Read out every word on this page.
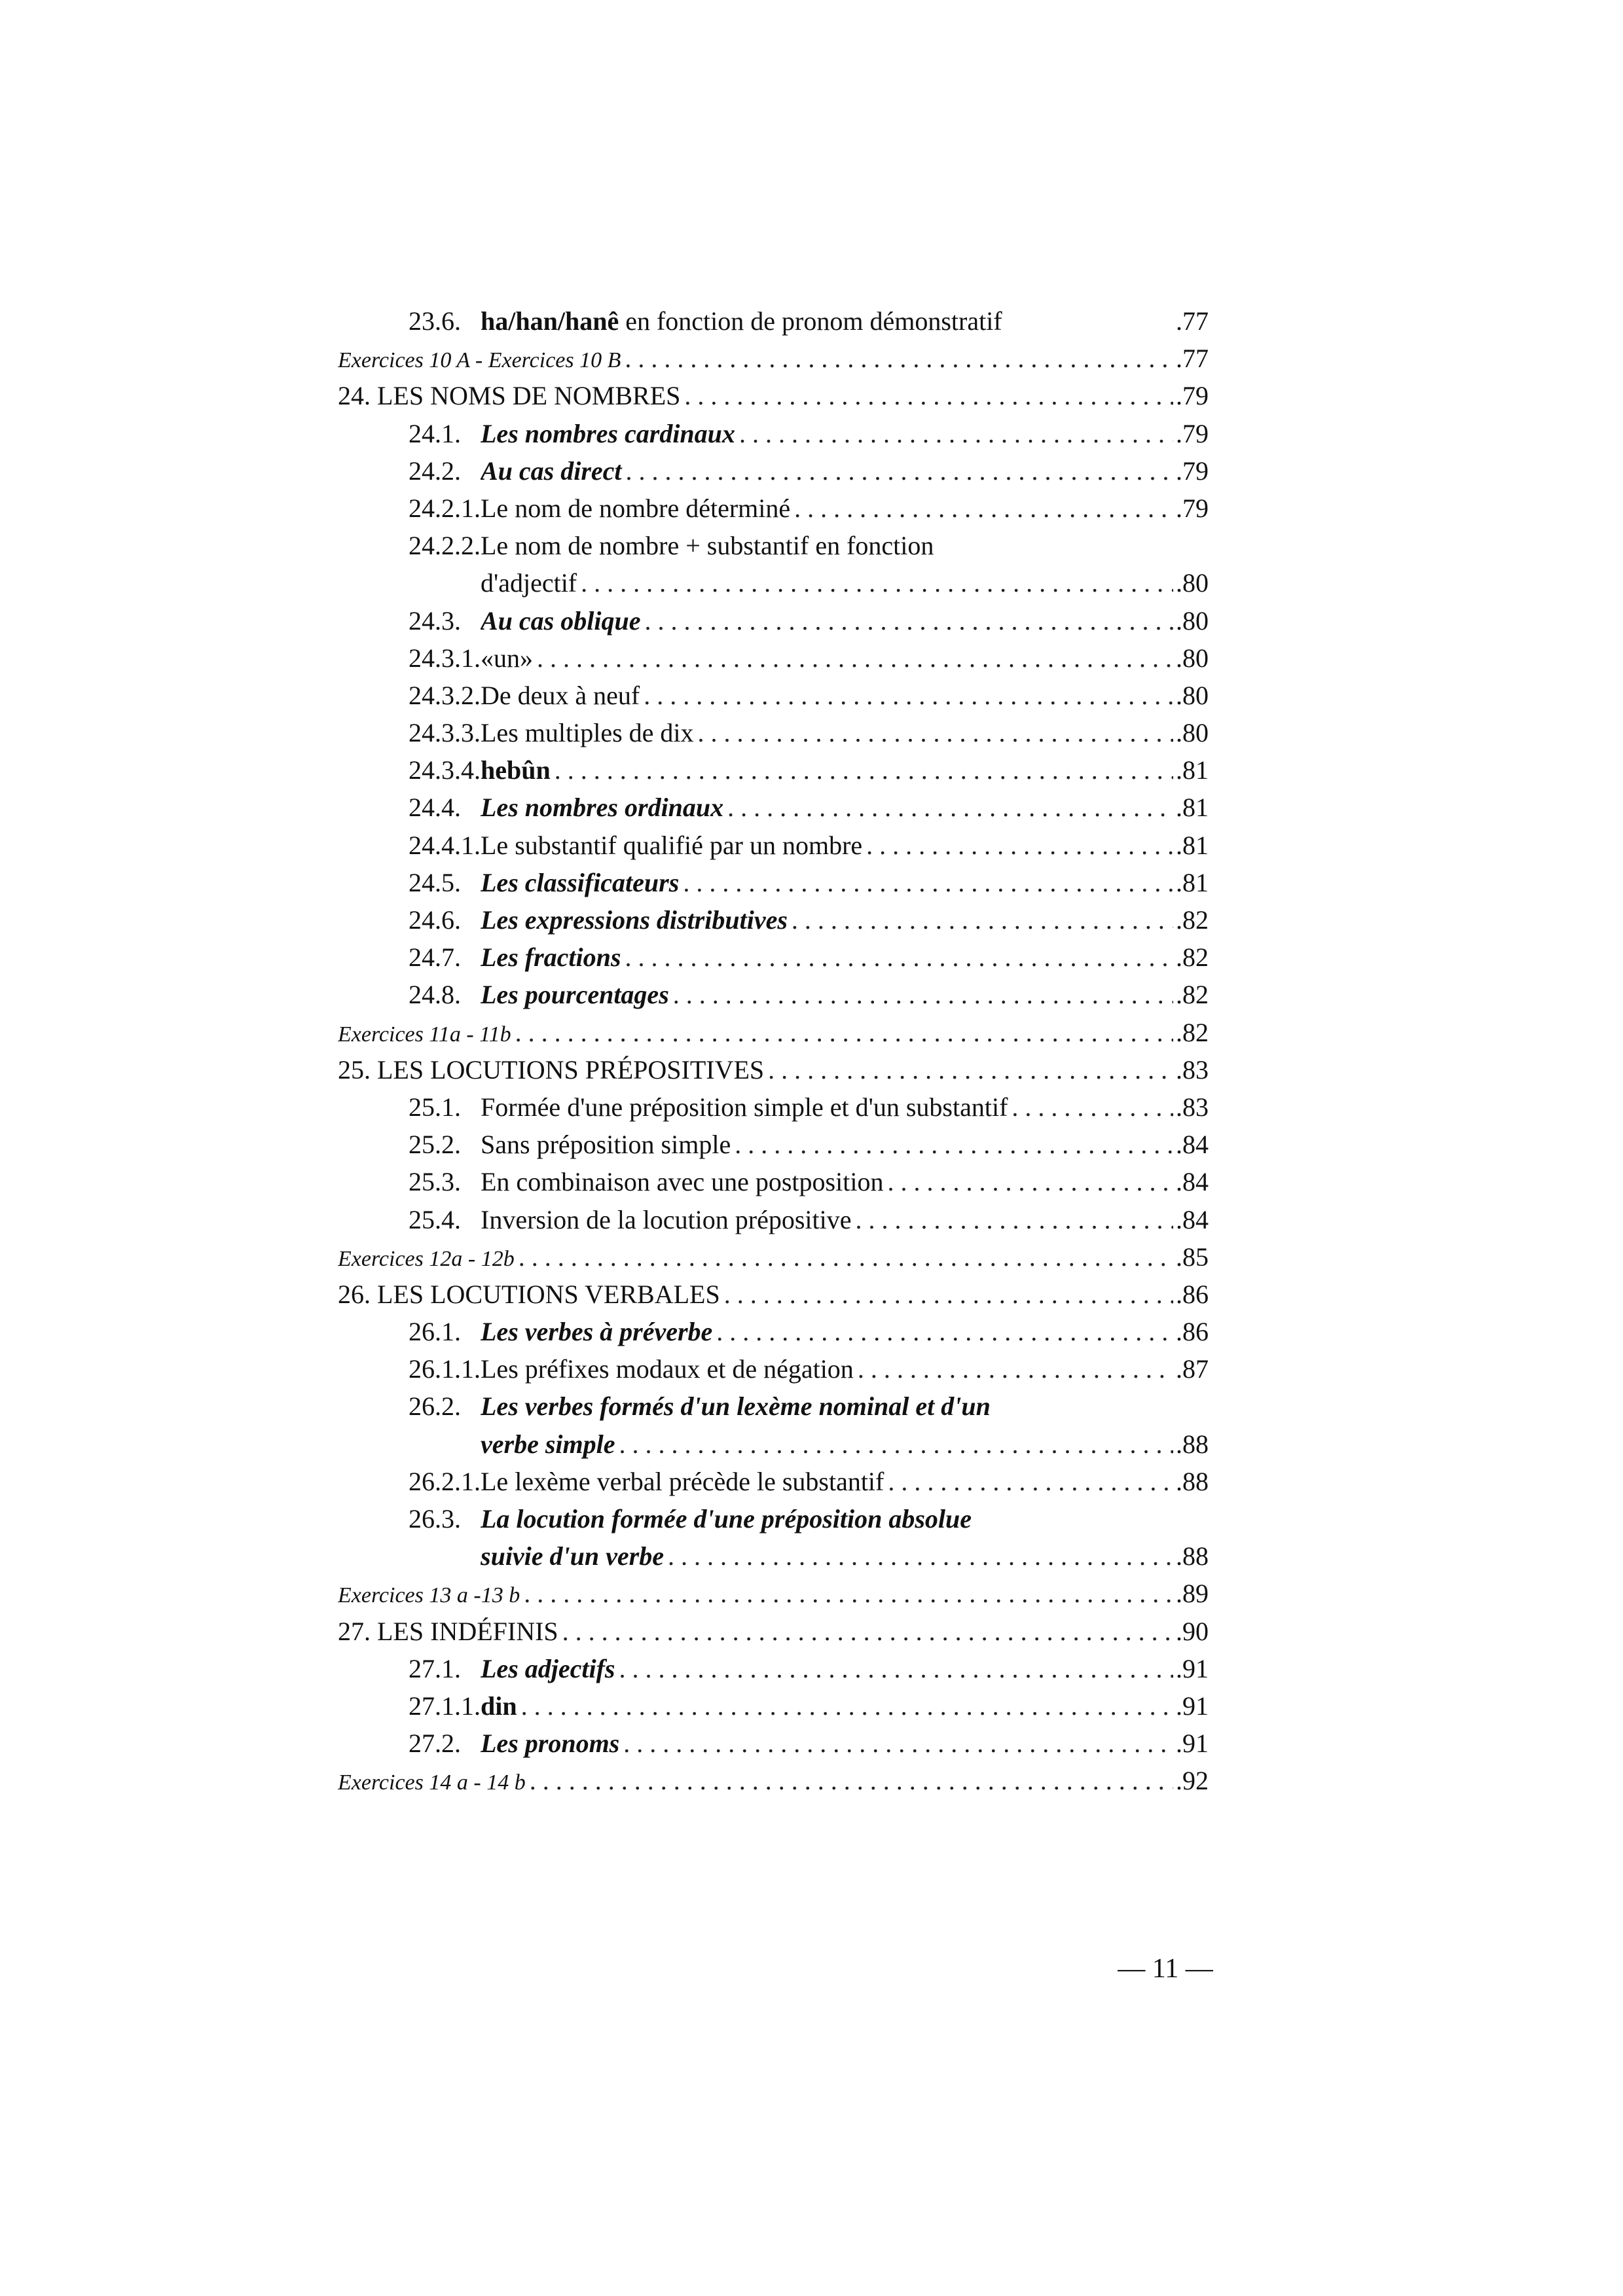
23.6. ha/han/hanê en fonction de pronom démonstratif	.77
Exercices 10 A - Exercices 10 B . . .	.77
24. LES NOMS DE NOMBRES . . .	.79
24.1. Les nombres cardinaux . . .	.79
24.2. Au cas direct . . .	.79
24.2.1. Le nom de nombre déterminé . . .	.79
24.2.2. Le nom de nombre + substantif en fonction
d'adjectif . . .	.80
24.3. Au cas oblique . . .	.80
24.3.1. «un» . . .	.80
24.3.2. De deux à neuf . . .	.80
24.3.3. Les multiples de dix . . .	.80
24.3.4. hebûn . . .	.81
24.4. Les nombres ordinaux . . .	.81
24.4.1. Le substantif qualifié par un nombre . . .	.81
24.5. Les classificateurs . . .	.81
24.6. Les expressions distributives . . .	.82
24.7. Les fractions . . .	.82
24.8. Les pourcentages . . .	.82
Exercices 11a - 11b . . .	.82
25. LES LOCUTIONS PRÉPOSITIVES . . .	.83
25.1. Formée d'une préposition simple et d'un substantif . . .	.83
25.2. Sans préposition simple . . .	.84
25.3. En combinaison avec une postposition . . .	.84
25.4. Inversion de la locution prépositive . . .	.84
Exercices 12a - 12b . . .	.85
26. LES LOCUTIONS VERBALES . . .	.86
26.1. Les verbes à préverbe . . .	.86
26.1.1. Les préfixes modaux et de négation . . .	.87
26.2. Les verbes formés d'un lexème nominal et d'un
verbe simple . . .	.88
26.2.1. Le lexème verbal précède le substantif . . .	.88
26.3. La locution formée d'une préposition absolue
suivie d'un verbe . . .	.88
Exercices 13 a -13 b . . .	.89
27. LES INDÉFINIS . . .	.90
27.1. Les adjectifs . . .	.91
27.1.1. din . . .	.91
27.2. Les pronoms . . .	.91
Exercices 14 a - 14 b . . .	.92
— 11 —
